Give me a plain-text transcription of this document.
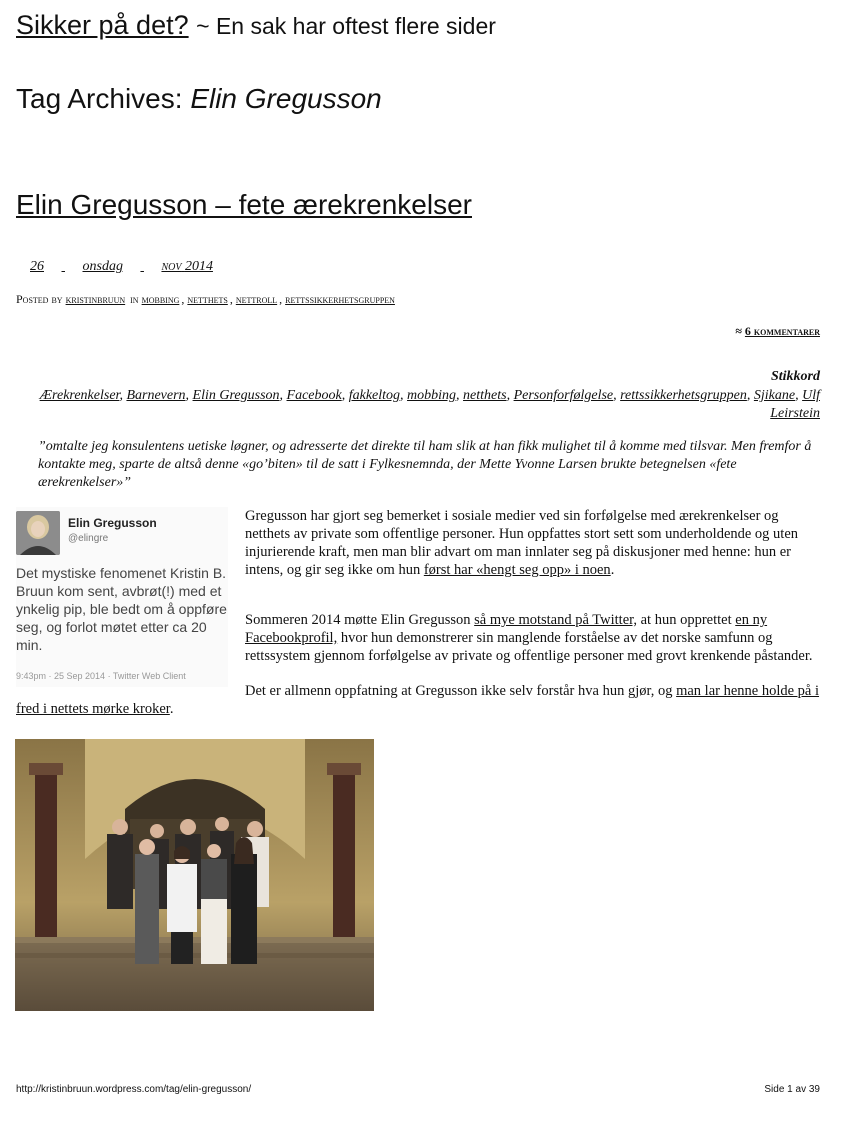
Sikker på det? ~ En sak har oftest flere sider
Tag Archives: Elin Gregusson
Elin Gregusson – fete ærekrenkelser
26	onsdag	nov 2014
Posted by kristinbruun in mobbing , netthets , nettroll , rettssikkerhetsgruppen
≈ 6 kommentarer
Stikkord
Ærekrenkelser, Barnevern, Elin Gregusson, Facebook, fakkeltog, mobbing, netthets, Personforfølgelse, rettssikkerhetsgruppen, Sjikane, Ulf Leirstein
”omtalte jeg konsulentens uetiske løgner, og adresserte det direkte til ham slik at han fikk mulighet til å komme med tilsvar. Men fremfor å kontakte meg, sparte de altså denne «go’biten» til de satt i Fylkesnemnda, der Mette Yvonne Larsen brukte betegnelsen «fete ærekrenkelser»”
Elin Gregusson
@elingre
Det mystiske fenomenet Kristin B. Bruun kom sent, avbrøt(!) med et ynkelig pip, ble bedt om å oppføre seg, og forlot møtet etter ca 20 min.
9:43pm · 25 Sep 2014 · Twitter Web Client
Gregusson har gjort seg bemerket i sosiale medier ved sin forfølgelse med ærekrenkelser og netthets av private som offentlige personer. Hun oppfattes stort sett som underholdende og uten injurierende kraft, men man blir advart om man innlater seg på diskusjoner med henne: hun er intens, og gir seg ikke om hun først har «hengt seg opp» i noen.
Sommeren 2014 møtte Elin Gregusson så mye motstand på Twitter, at hun opprettet en ny Facebookprofil, hvor hun demonstrerer sin manglende forståelse av det norske samfunn og rettssystem gjennom forfølgelse av private og offentlige personer med grovt krenkende påstander.
Det er allmenn oppfatning at Gregusson ikke selv forstår hva hun gjør, og man lar henne holde på i fred i nettets mørke kroker.
http://kristinbruun.wordpress.com/tag/elin-gregusson/	Side 1 av 39
